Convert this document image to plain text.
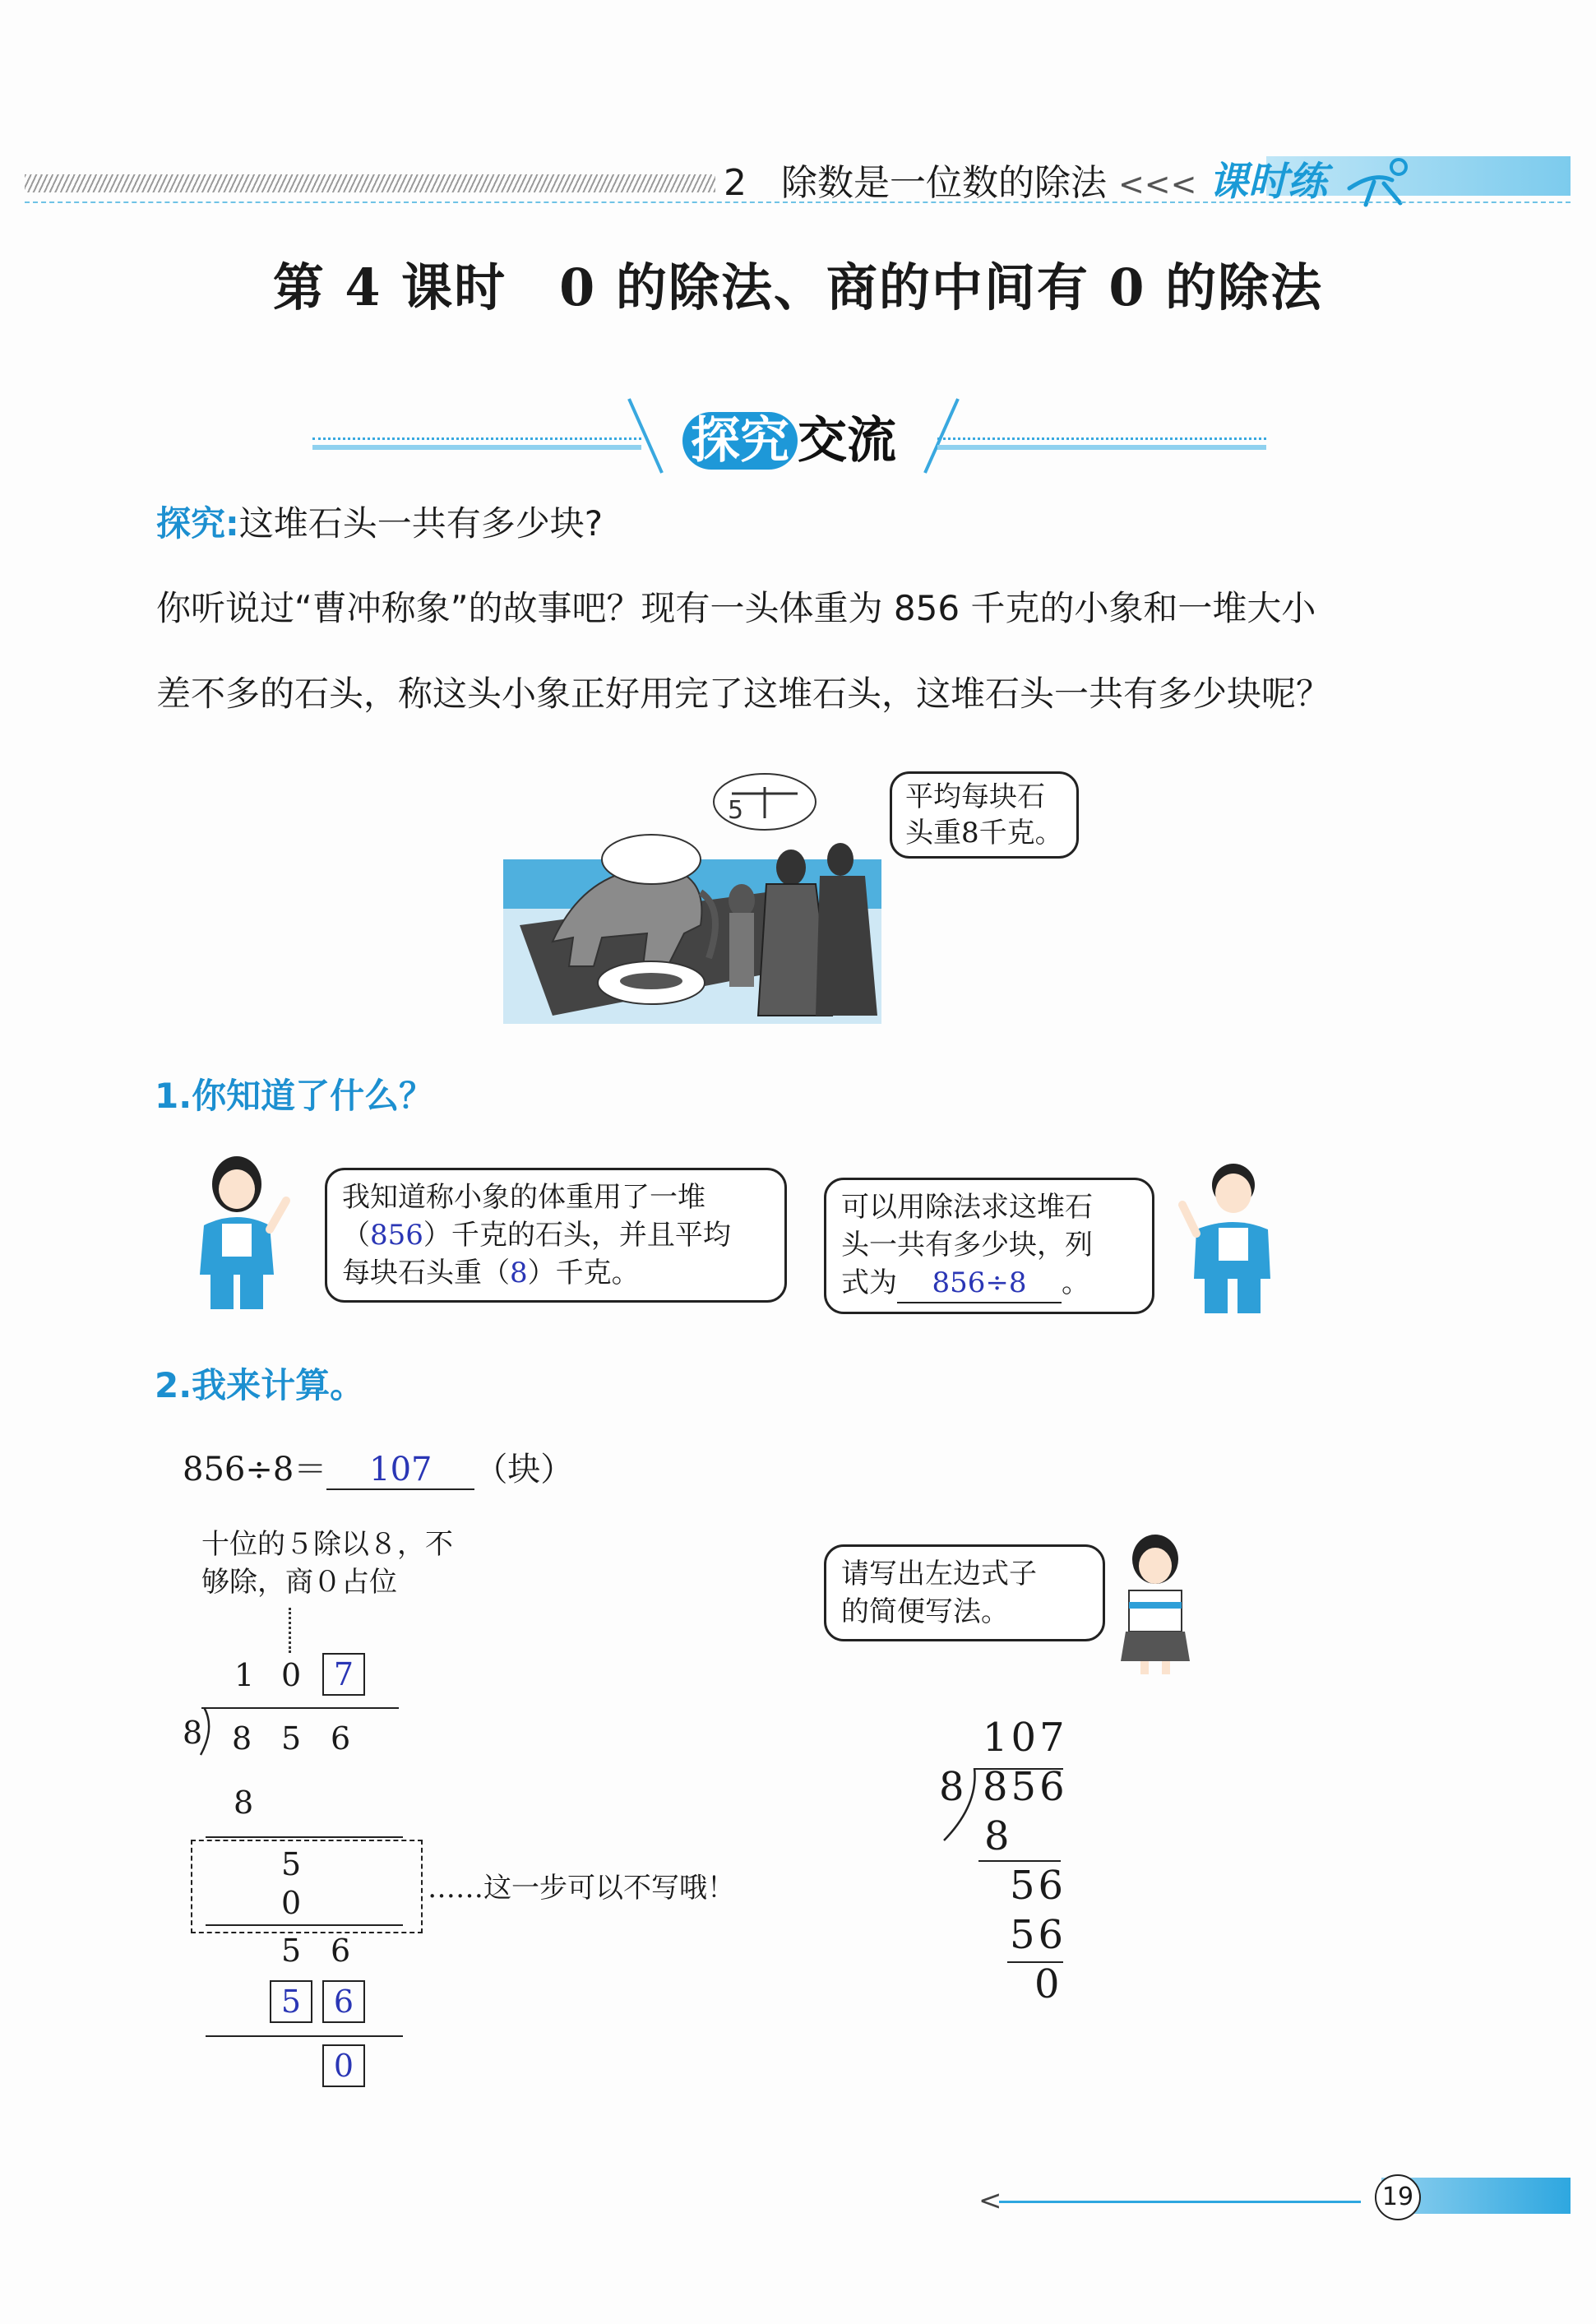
2 除数是一位数的除法 <<< 课时练
第 4 课时　0 的除法、商的中间有 0 的除法
探究 交流
探究:这堆石头一共有多少块?
你听说过“曹冲称象”的故事吧？现有一头体重为 856 千克的小象和一堆大小
差不多的石头，称这头小象正好用完了这堆石头，这堆石头一共有多少块呢？
5	平均每块石
头重8千克。
1.你知道了什么？
我知道称小象的体重用了一堆
（856）千克的石头，并且平均
每块石头重（8）千克。
可以用除法求这堆石
头一共有多少块，列
式为 856÷8 。
2.我来计算。
856÷8＝ 107 （块）
十位的５除以８，不
够除，商０占位
1 0	7
8 8 5 6
8
5
0	……这一步可以不写哦！
5 6
5	6
0
请写出左边式子
的简便写法。
107
8 856
8
56
56
0
<	19
